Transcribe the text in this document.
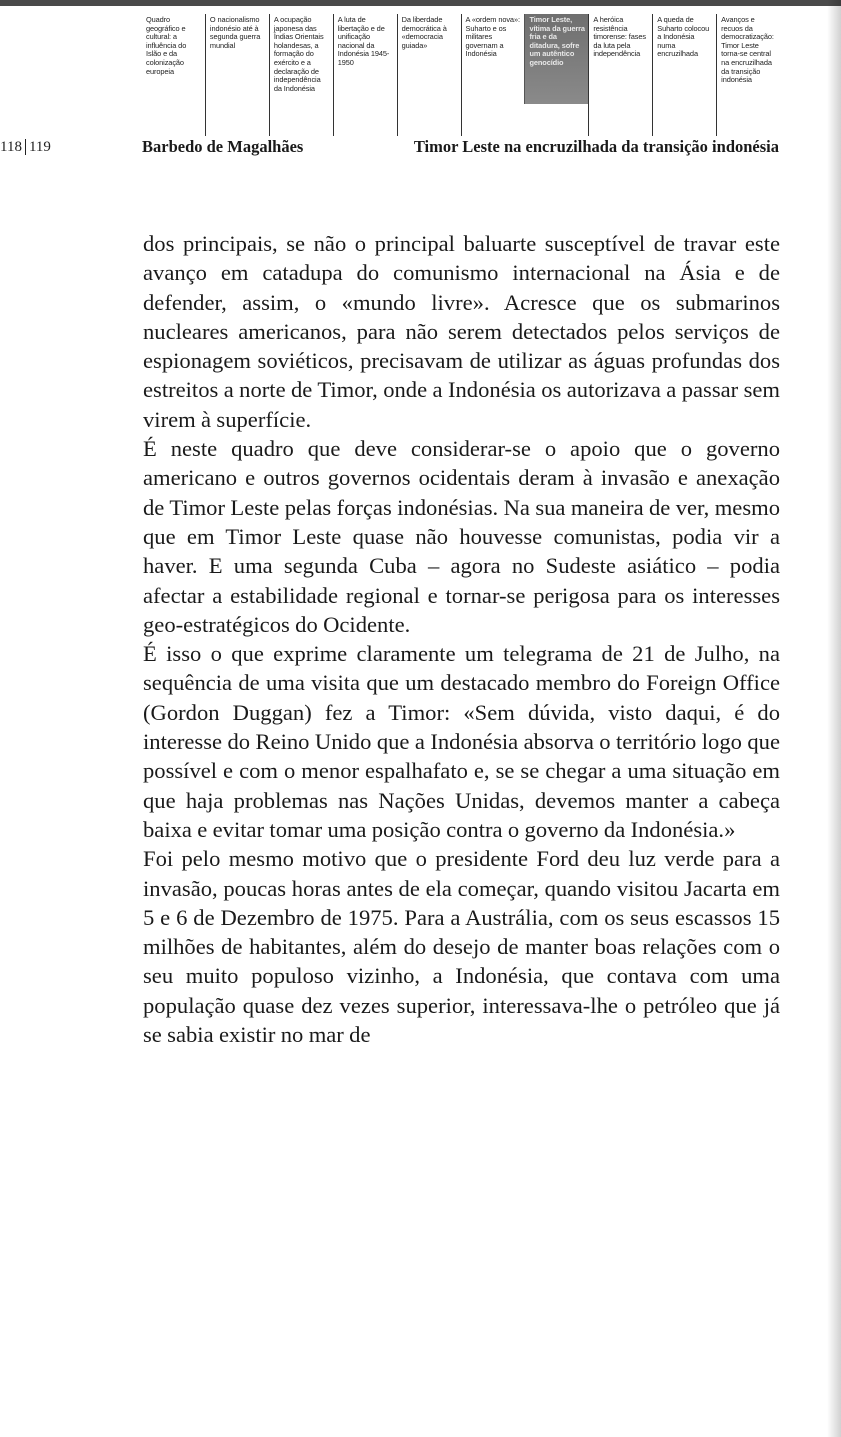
Quadro geográfico e cultural: a influência do Islão e da colonização europeia
O nacionalismo indonésio até à segunda guerra mundial
A ocupação japonesa das Índias Orientais holandesas, a formação do exército e a declaração de independência da Indonésia
A luta de libertação e de unificação nacional da Indonésia 1945-1950
Da liberdade democrática à «democracia guiada»
A «ordem nova»: Suharto e os militares governam a Indonésia
Timor Leste, vítima da guerra fria e da ditadura, sofre um autêntico genocídio
A heróica resistência timorense: fases da luta pela independência
A queda de Suharto colocou a Indonésia numa encruzilhada
Avanços e recuos da democratização: Timor Leste torna-se central na encruzilhada da transição indonésia
118 119	Barbedo de Magalhães	Timor Leste na encruzilhada da transição indonésia

dos principais, se não o principal baluarte susceptível de travar este avanço em catadupa do comunismo internacional na Ásia e de defender, assim, o «mundo livre». Acresce que os submarinos nucleares americanos, para não serem detectados pelos serviços de espionagem soviéticos, precisavam de utilizar as águas profundas dos estreitos a norte de Timor, onde a Indonésia os autorizava a passar sem virem à superfície.

É neste quadro que deve considerar-se o apoio que o governo americano e outros governos ocidentais deram à invasão e anexação de Timor Leste pelas forças indonésias. Na sua maneira de ver, mesmo que em Timor Leste quase não houvesse comunistas, podia vir a haver. E uma segunda Cuba – agora no Sudeste asiático – podia afectar a estabilidade regional e tornar-se perigosa para os interesses geo-estratégicos do Ocidente.

É isso o que exprime claramente um telegrama de 21 de Julho, na sequência de uma visita que um destacado membro do Foreign Office (Gordon Duggan) fez a Timor: «Sem dúvida, visto daqui, é do interesse do Reino Unido que a Indonésia absorva o território logo que possível e com o menor espalhafato e, se se chegar a uma situação em que haja problemas nas Nações Unidas, devemos manter a cabeça baixa e evitar tomar uma posição contra o governo da Indonésia.»

Foi pelo mesmo motivo que o presidente Ford deu luz verde para a invasão, poucas horas antes de ela começar, quando visitou Jacarta em 5 e 6 de Dezembro de 1975. Para a Austrália, com os seus escassos 15 milhões de habitantes, além do desejo de manter boas relações com o seu muito populoso vizinho, a Indonésia, que contava com uma população quase dez vezes superior, interessava-lhe o petróleo que já se sabia existir no mar de
